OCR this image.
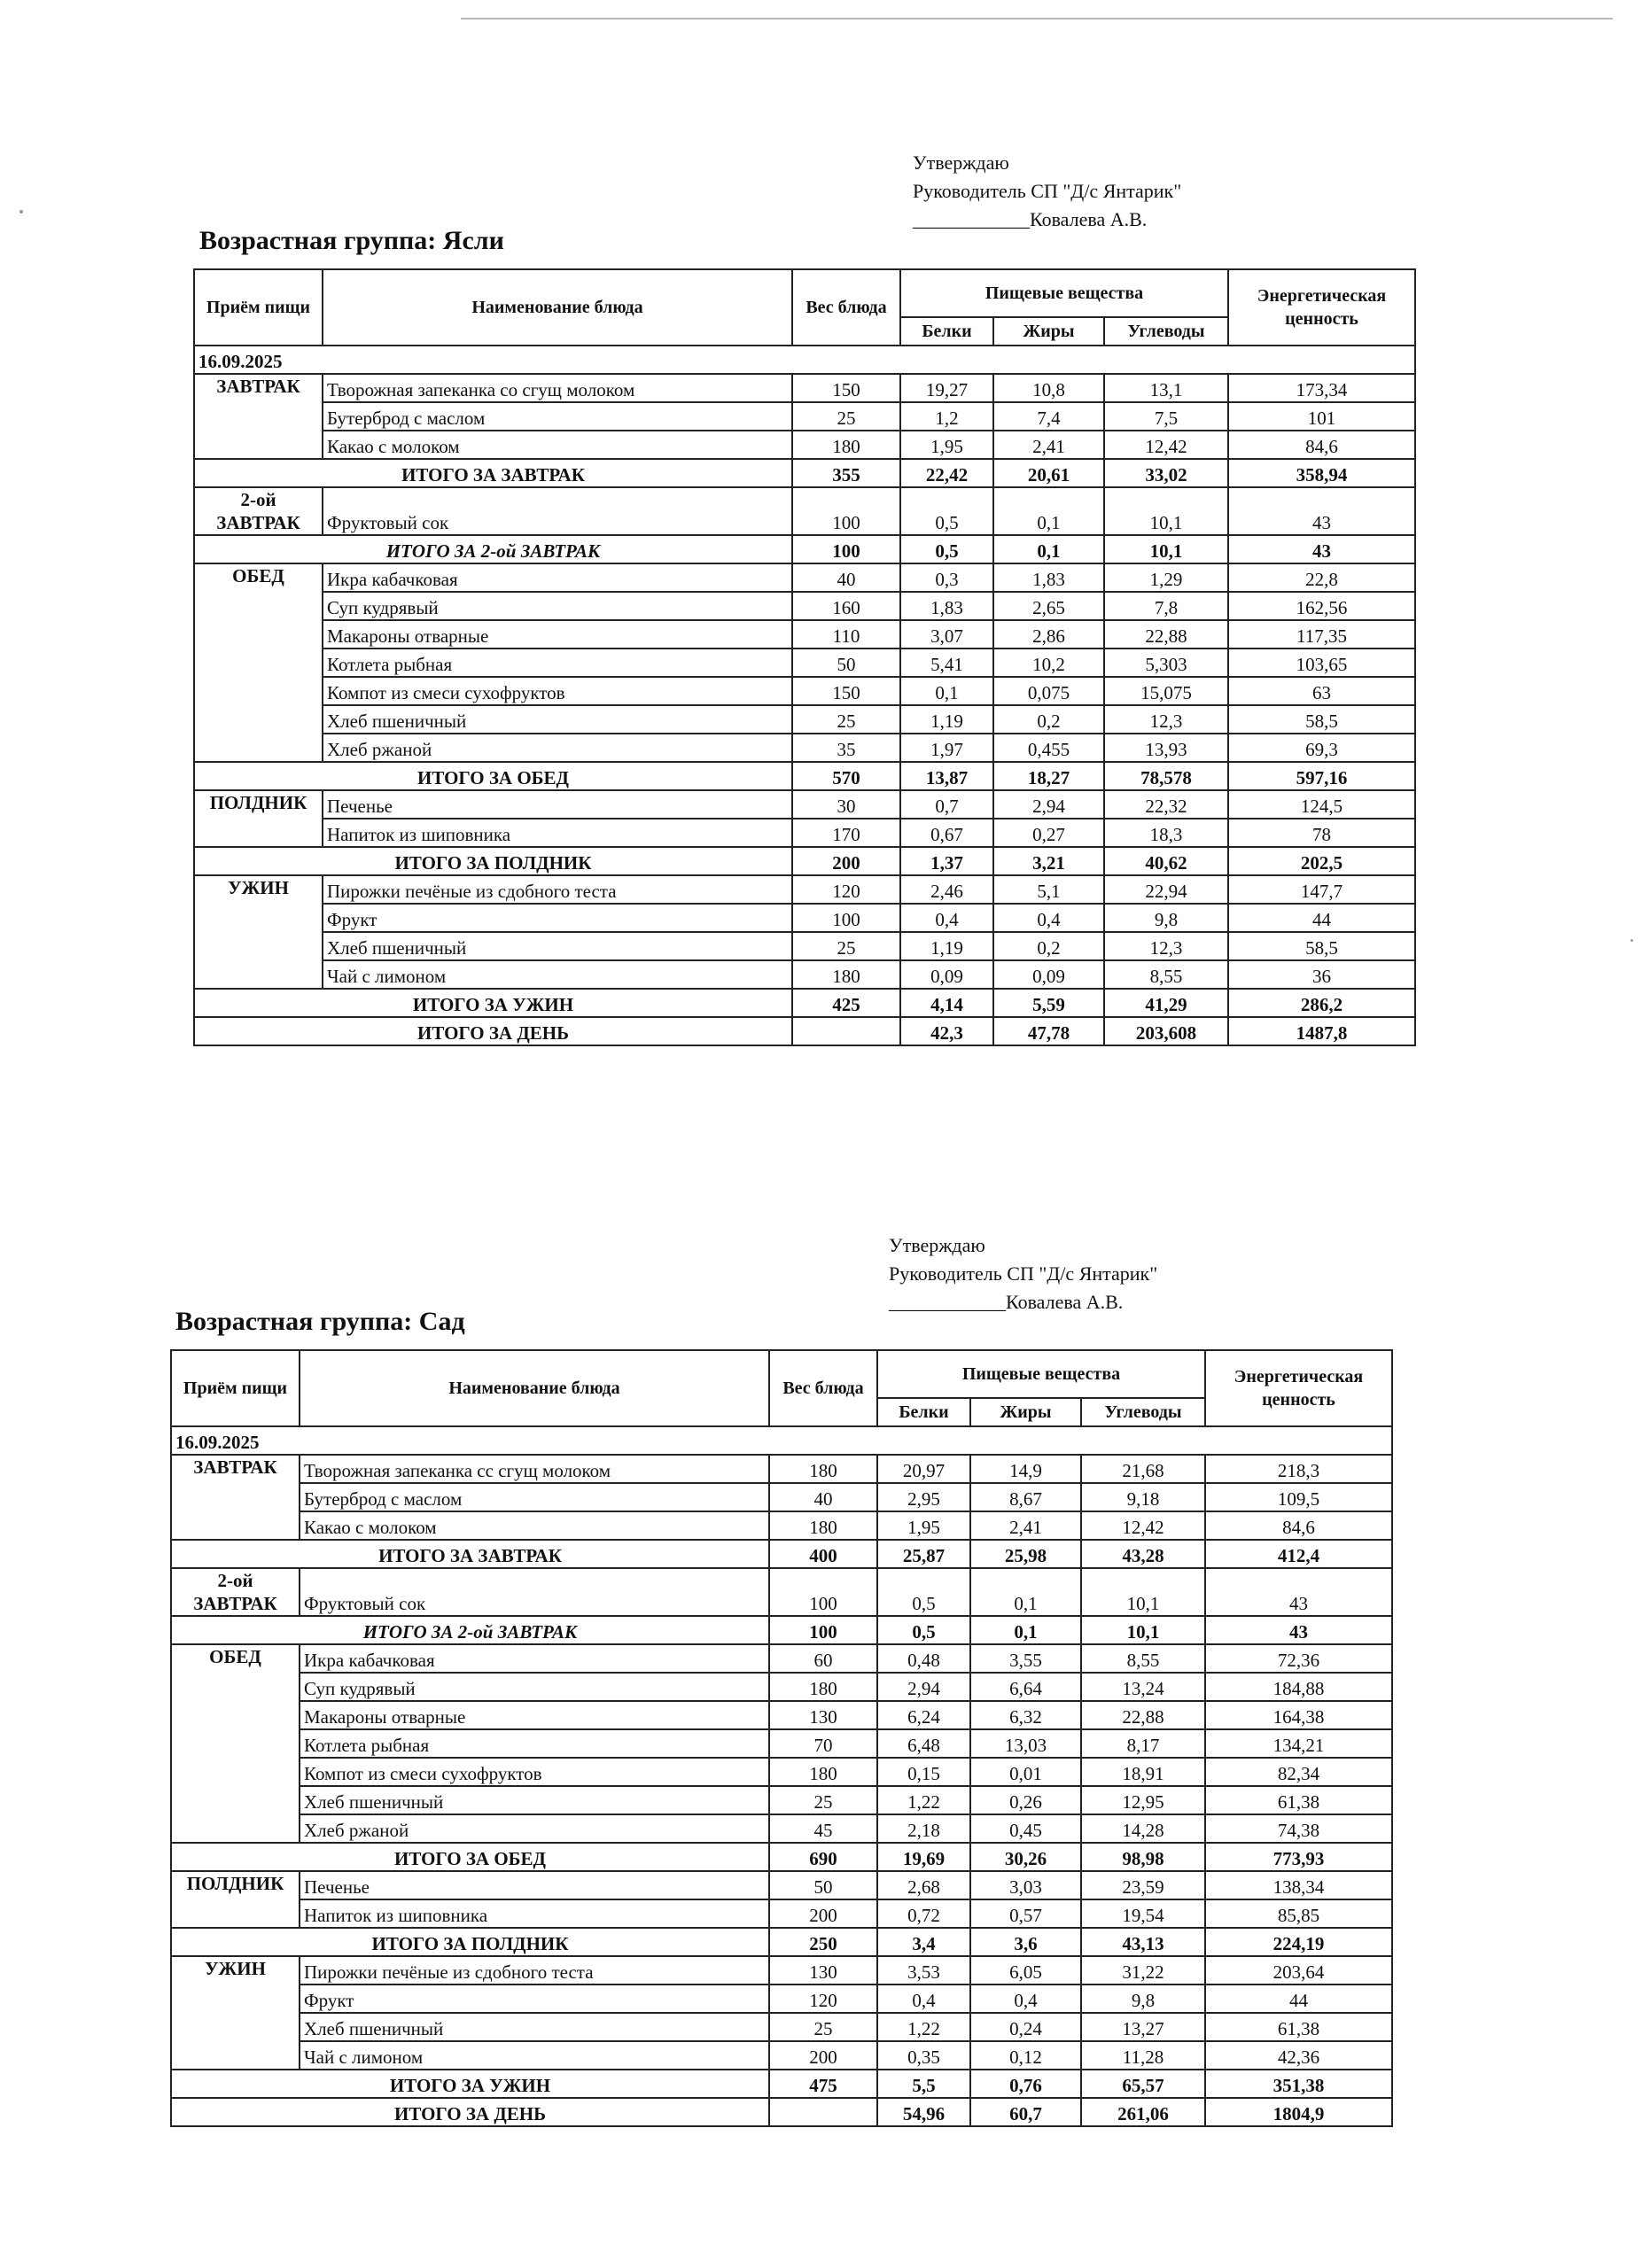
Утверждаю
Руководитель СП "Д/с Янтарик"
____________Ковалева А.В.
Возрастная группа: Ясли
Приём пищи	Наименование блюда	Вес блюда	Пищевые вещества			Энергетическая ценность
			Белки	Жиры	Углеводы	
16.09.2025						
ЗАВТРАК	Творожная запеканка со сгущ молоком	150	19,27	10,8	13,1	173,34
	Бутерброд с маслом	25	1,2	7,4	7,5	101
	Какао с молоком	180	1,95	2,41	12,42	84,6
ИТОГО ЗА ЗАВТРАК		355	22,42	20,61	33,02	358,94
2-ой ЗАВТРАК	Фруктовый сок	100	0,5	0,1	10,1	43
ИТОГО ЗА 2-ой ЗАВТРАК		100	0,5	0,1	10,1	43
ОБЕД	Икра кабачковая	40	0,3	1,83	1,29	22,8
	Суп кудрявый	160	1,83	2,65	7,8	162,56
	Макароны отварные	110	3,07	2,86	22,88	117,35
	Котлета рыбная	50	5,41	10,2	5,303	103,65
	Компот из смеси сухофруктов	150	0,1	0,075	15,075	63
	Хлеб пшеничный	25	1,19	0,2	12,3	58,5
	Хлеб ржаной	35	1,97	0,455	13,93	69,3
ИТОГО ЗА ОБЕД		570	13,87	18,27	78,578	597,16
ПОЛДНИК	Печенье	30	0,7	2,94	22,32	124,5
	Напиток из шиповника	170	0,67	0,27	18,3	78
ИТОГО ЗА ПОЛДНИК		200	1,37	3,21	40,62	202,5
УЖИН	Пирожки печёные из сдобного теста	120	2,46	5,1	22,94	147,7
	Фрукт	100	0,4	0,4	9,8	44
	Хлеб пшеничный	25	1,19	0,2	12,3	58,5
	Чай с лимоном	180	0,09	0,09	8,55	36
ИТОГО ЗА УЖИН		425	4,14	5,59	41,29	286,2
ИТОГО ЗА ДЕНЬ			42,3	47,78	203,608	1487,8
Утверждаю
Руководитель СП "Д/с Янтарик"
____________Ковалева А.В.
Возрастная группа: Сад
Приём пищи	Наименование блюда	Вес блюда	Пищевые вещества			Энергетическая ценность
			Белки	Жиры	Углеводы	
16.09.2025						
ЗАВТРАК	Творожная запеканка сс сгущ молоком	180	20,97	14,9	21,68	218,3
	Бутерброд с маслом	40	2,95	8,67	9,18	109,5
	Какао с молоком	180	1,95	2,41	12,42	84,6
ИТОГО ЗА ЗАВТРАК		400	25,87	25,98	43,28	412,4
2-ой ЗАВТРАК	Фруктовый сок	100	0,5	0,1	10,1	43
ИТОГО ЗА 2-ой ЗАВТРАК		100	0,5	0,1	10,1	43
ОБЕД	Икра кабачковая	60	0,48	3,55	8,55	72,36
	Суп кудрявый	180	2,94	6,64	13,24	184,88
	Макароны отварные	130	6,24	6,32	22,88	164,38
	Котлета рыбная	70	6,48	13,03	8,17	134,21
	Компот из смеси сухофруктов	180	0,15	0,01	18,91	82,34
	Хлеб пшеничный	25	1,22	0,26	12,95	61,38
	Хлеб ржаной	45	2,18	0,45	14,28	74,38
ИТОГО ЗА ОБЕД		690	19,69	30,26	98,98	773,93
ПОЛДНИК	Печенье	50	2,68	3,03	23,59	138,34
	Напиток из шиповника	200	0,72	0,57	19,54	85,85
ИТОГО ЗА ПОЛДНИК		250	3,4	3,6	43,13	224,19
УЖИН	Пирожки печёные из сдобного теста	130	3,53	6,05	31,22	203,64
	Фрукт	120	0,4	0,4	9,8	44
	Хлеб пшеничный	25	1,22	0,24	13,27	61,38
	Чай с лимоном	200	0,35	0,12	11,28	42,36
ИТОГО ЗА УЖИН		475	5,5	0,76	65,57	351,38
ИТОГО ЗА ДЕНЬ			54,96	60,7	261,06	1804,9
